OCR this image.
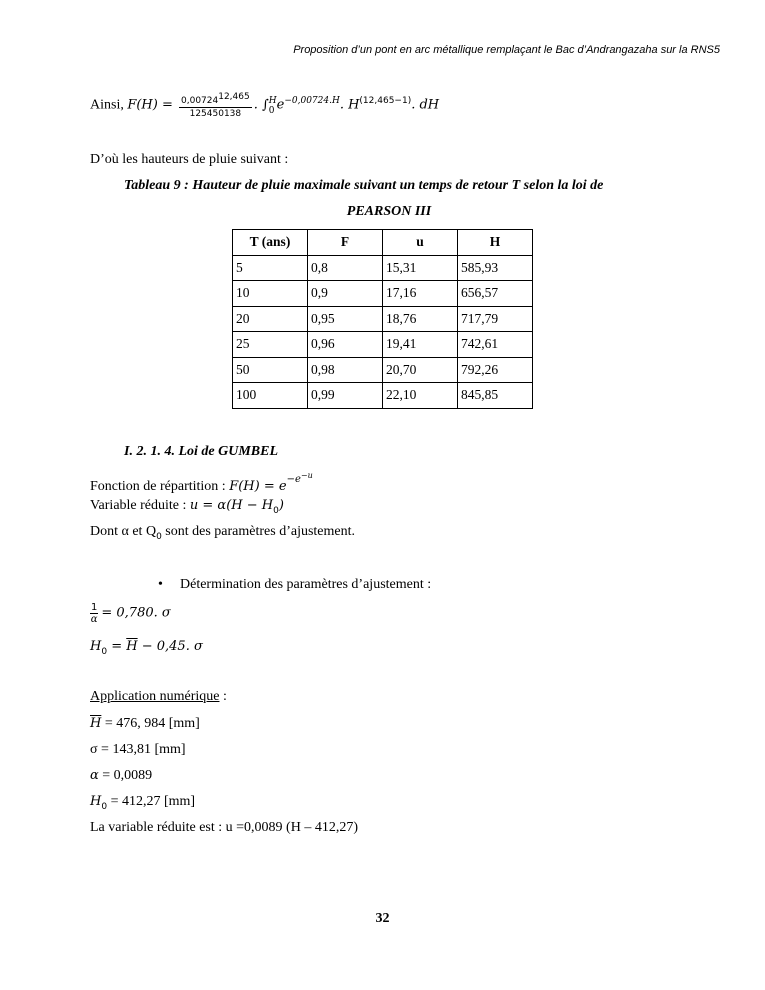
Proposition d’un pont en arc métallique remplaçant le Bac d’Andrangazaha sur la RNS5
Ainsi, $F(H) = \frac{0,0072412,465}{125450138}$ . ∫ H
0 $e^{-0,00724.H}$. $H^{(12,465-1)}$. dH
D’où les hauteurs de pluie suivant :
Tableau 9 : Hauteur de pluie maximale suivant un temps de retour T selon la loi de
PEARSON III
T (ans)	F	u	H
5	0,8	15,31	585,93
10	0,9	17,16	656,57
20	0,95	18,76	717,79
25	0,96	19,41	742,61
50	0,98	20,70	792,26
100	0,99	22,10	845,85
I. 2. 1. 4. Loi de GUMBEL
Fonction de répartition : $F(H) = e^{-e^{-u}}$
Variable réduite : $u = \alpha(H - H_0)$
Dont α et $Q_0$ sont des paramètres d’ajustement.
• Détermination des paramètres d’ajustement :
$\frac{1}{\alpha} = 0,780$. σ
$H_0 = \overline{H} - 0,45$. σ
Application numérique :
$\overline{H} = 476$, 984 [mm]
σ = 143,81 [mm]
α = 0,0089
$H_0 = 412,27$ [mm]
La variable réduite est : u =0,0089 (H – 412,27)
32
